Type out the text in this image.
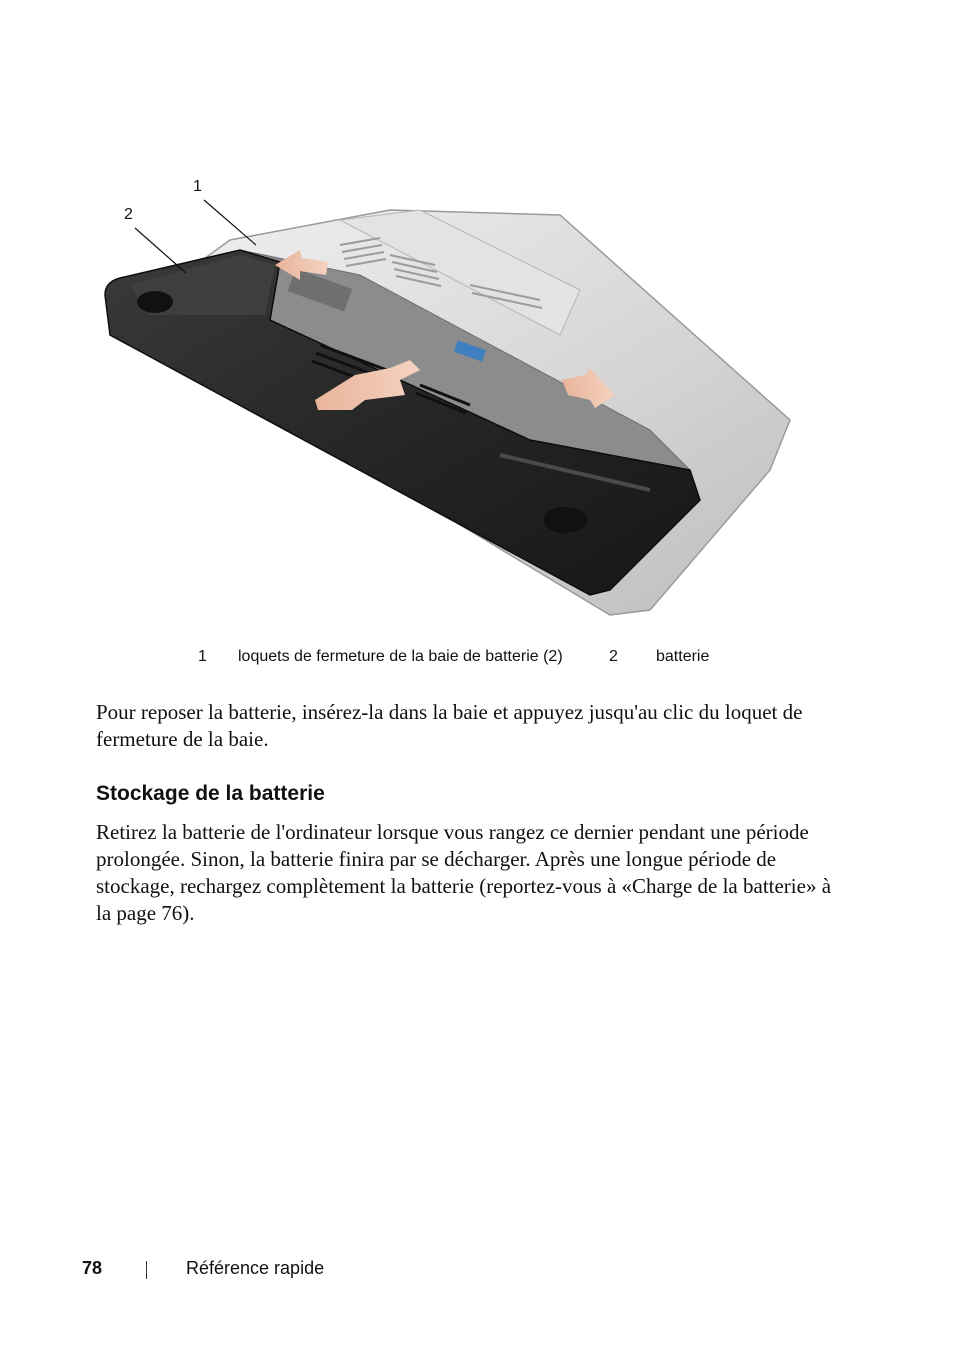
1
2
1 loquets de fermeture de la baie de batterie (2)	2 batterie

Pour reposer la batterie, insérez-la dans la baie et appuyez jusqu'au clic du loquet de fermeture de la baie.

Stockage de la batterie

Retirez la batterie de l'ordinateur lorsque vous rangez ce dernier pendant une période prolongée. Sinon, la batterie finira par se décharger. Après une longue période de stockage, rechargez complètement la batterie (reportez-vous à «Charge de la batterie» à la page 76).

78	Référence rapide
